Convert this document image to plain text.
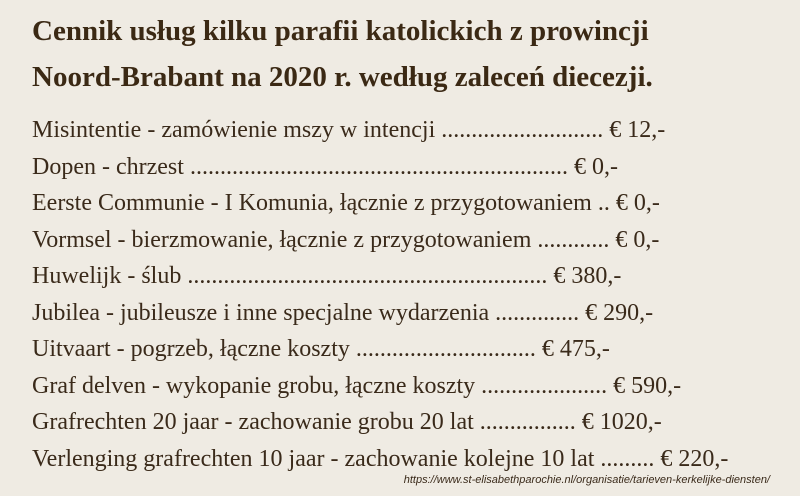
Cennik usług kilku parafii katolickich z prowincji
Noord-Brabant na 2020 r. według zaleceń diecezji.
Misintentie - zamówienie mszy w intencji ........................... € 12,-
Dopen - chrzest ............................................................... € 0,-
Eerste Communie - I Komunia, łącznie z przygotowaniem .. € 0,-
Vormsel - bierzmowanie, łącznie z przygotowaniem ............ € 0,-
Huwelijk - ślub ............................................................ € 380,-
Jubilea - jubileusze i inne specjalne wydarzenia .............. € 290,-
Uitvaart - pogrzeb, łączne koszty .............................. € 475,-
Graf delven - wykopanie grobu, łączne koszty ..................... € 590,-
Grafrechten 20 jaar - zachowanie grobu 20 lat ................ € 1020,-
Verlenging grafrechten 10 jaar - zachowanie kolejne 10 lat ......... € 220,-
https://www.st-elisabethparochie.nl/organisatie/tarieven-kerkelijke-diensten/
